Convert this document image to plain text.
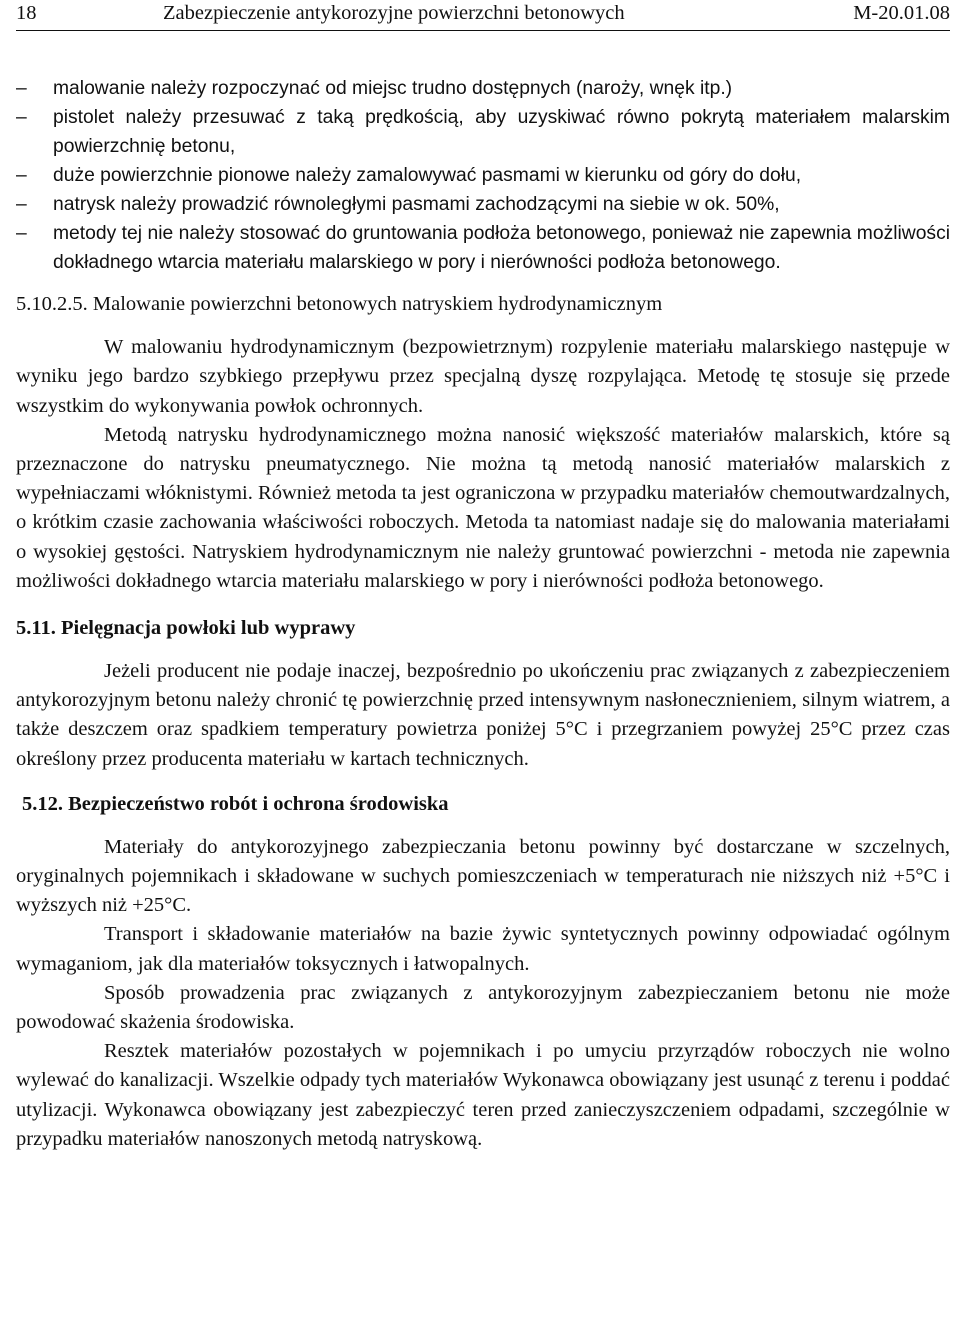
18	Zabezpieczenie antykorozyjne powierzchni betonowych	M-20.01.08
–	malowanie należy rozpoczynać od miejsc trudno dostępnych (naroży, wnęk itp.)
–	pistolet należy przesuwać z taką prędkością, aby uzyskiwać równo pokrytą materiałem malarskim powierzchnię betonu,
–	duże powierzchnie pionowe należy zamalowywać pasmami w kierunku od góry do dołu,
–	natrysk należy prowadzić równoległymi pasmami zachodzącymi na siebie w ok. 50%,
–	metody tej nie należy stosować do gruntowania podłoża betonowego, ponieważ nie zapewnia możliwości dokładnego wtarcia materiału malarskiego w pory i nierówności podłoża betonowego.
5.10.2.5. Malowanie powierzchni betonowych natryskiem hydrodynamicznym

W malowaniu hydrodynamicznym (bezpowietrznym) rozpylenie materiału malarskiego następuje w wyniku jego bardzo szybkiego przepływu przez specjalną dyszę rozpylająca. Metodę tę stosuje się przede wszystkim do wykonywania powłok ochronnych.

Metodą natrysku hydrodynamicznego można nanosić większość materiałów malarskich, które są przeznaczone do natrysku pneumatycznego. Nie można tą metodą nanosić materiałów malarskich z wypełniaczami włóknistymi. Również metoda ta jest ograniczona w przypadku materiałów chemoutwardzalnych, o krótkim czasie zachowania właściwości roboczych. Metoda ta natomiast nadaje się do malowania materiałami o wysokiej gęstości. Natryskiem hydrodynamicznym nie należy gruntować powierzchni - metoda nie zapewnia możliwości dokładnego wtarcia materiału malarskiego w pory i nierówności podłoża betonowego.

5.11. Pielęgnacja powłoki lub wyprawy

Jeżeli producent nie podaje inaczej, bezpośrednio po ukończeniu prac związanych z zabezpieczeniem antykorozyjnym betonu należy chronić tę powierzchnię przed intensywnym nasłonecznieniem, silnym wiatrem, a także deszczem oraz spadkiem temperatury powietrza poniżej 5°C i przegrzaniem powyżej 25°C przez czas określony przez producenta materiału w kartach technicznych.

5.12. Bezpieczeństwo robót i ochrona środowiska

Materiały do antykorozyjnego zabezpieczania betonu powinny być dostarczane w szczelnych, oryginalnych pojemnikach i składowane w suchych pomieszczeniach w temperaturach nie niższych niż +5°C i wyższych niż +25°C.

Transport i składowanie materiałów na bazie żywic syntetycznych powinny odpowiadać ogólnym wymaganiom, jak dla materiałów toksycznych i łatwopalnych.

Sposób prowadzenia prac związanych z antykorozyjnym zabezpieczaniem betonu nie może powodować skażenia środowiska.

Resztek materiałów pozostałych w pojemnikach i po umyciu przyrządów roboczych nie wolno wylewać do kanalizacji. Wszelkie odpady tych materiałów Wykonawca obowiązany jest usunąć z terenu i poddać utylizacji. Wykonawca obowiązany jest zabezpieczyć teren przed zanieczyszczeniem odpadami, szczególnie w przypadku materiałów nanoszonych metodą natryskową.
